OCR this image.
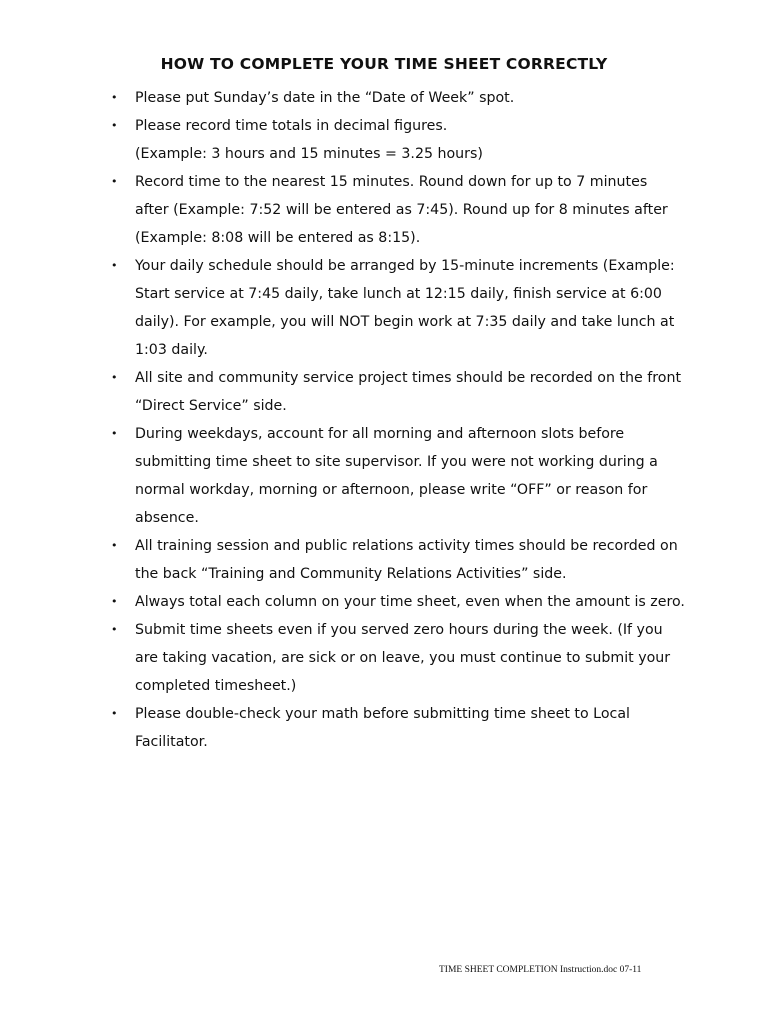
HOW TO COMPLETE YOUR TIME SHEET CORRECTLY
• Please put Sunday’s date in the “Date of Week” spot.
• Please record time totals in decimal figures.
(Example: 3 hours and 15 minutes = 3.25 hours)
• Record time to the nearest 15 minutes. Round down for up to 7 minutes
after (Example: 7:52 will be entered as 7:45). Round up for 8 minutes after
(Example: 8:08 will be entered as 8:15).
• Your daily schedule should be arranged by 15-minute increments (Example:
Start service at 7:45 daily, take lunch at 12:15 daily, finish service at 6:00
daily). For example, you will NOT begin work at 7:35 daily and take lunch at
1:03 daily.
• All site and community service project times should be recorded on the front
“Direct Service” side.
• During weekdays, account for all morning and afternoon slots before
submitting time sheet to site supervisor. If you were not working during a
normal workday, morning or afternoon, please write “OFF” or reason for
absence.
• All training session and public relations activity times should be recorded on
the back “Training and Community Relations Activities” side.
• Always total each column on your time sheet, even when the amount is zero.
• Submit time sheets even if you served zero hours during the week. (If you
are taking vacation, are sick or on leave, you must continue to submit your
completed timesheet.)
• Please double-check your math before submitting time sheet to Local
Facilitator.
TIME SHEET COMPLETION Instruction.doc 07-11
